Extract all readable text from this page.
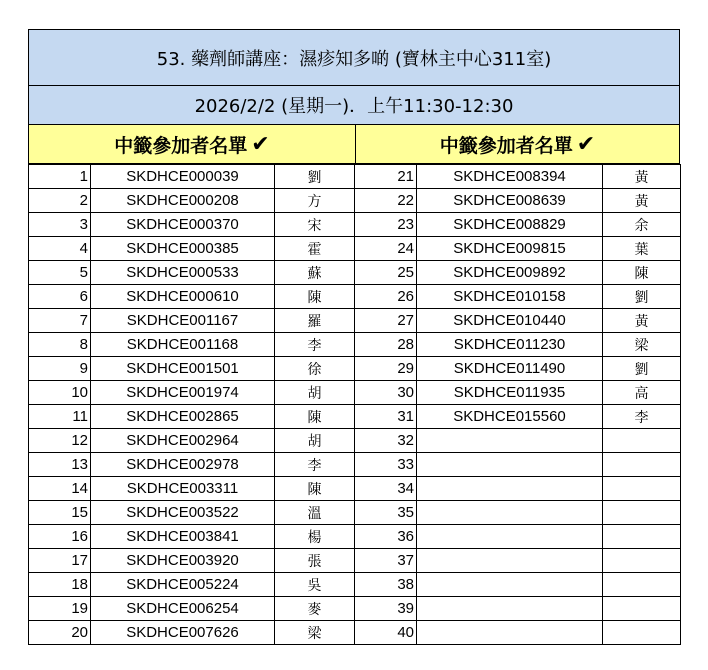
53. 藥劑師講座：濕疹知多啲 (寶林主中心311室)
2026/2/2 (星期一)．上午11:30-12:30
中籤參加者名單 ✔	中籤參加者名單 ✔
1	SKDHCE000039	劉	21	SKDHCE008394	黃
2	SKDHCE000208	方	22	SKDHCE008639	黃
3	SKDHCE000370	宋	23	SKDHCE008829	余
4	SKDHCE000385	霍	24	SKDHCE009815	葉
5	SKDHCE000533	蘇	25	SKDHCE009892	陳
6	SKDHCE000610	陳	26	SKDHCE010158	劉
7	SKDHCE001167	羅	27	SKDHCE010440	黃
8	SKDHCE001168	李	28	SKDHCE011230	梁
9	SKDHCE001501	徐	29	SKDHCE011490	劉
10	SKDHCE001974	胡	30	SKDHCE011935	高
11	SKDHCE002865	陳	31	SKDHCE015560	李
12	SKDHCE002964	胡	32		
13	SKDHCE002978	李	33		
14	SKDHCE003311	陳	34		
15	SKDHCE003522	溫	35		
16	SKDHCE003841	楊	36		
17	SKDHCE003920	張	37		
18	SKDHCE005224	吳	38		
19	SKDHCE006254	麥	39		
20	SKDHCE007626	梁	40		
